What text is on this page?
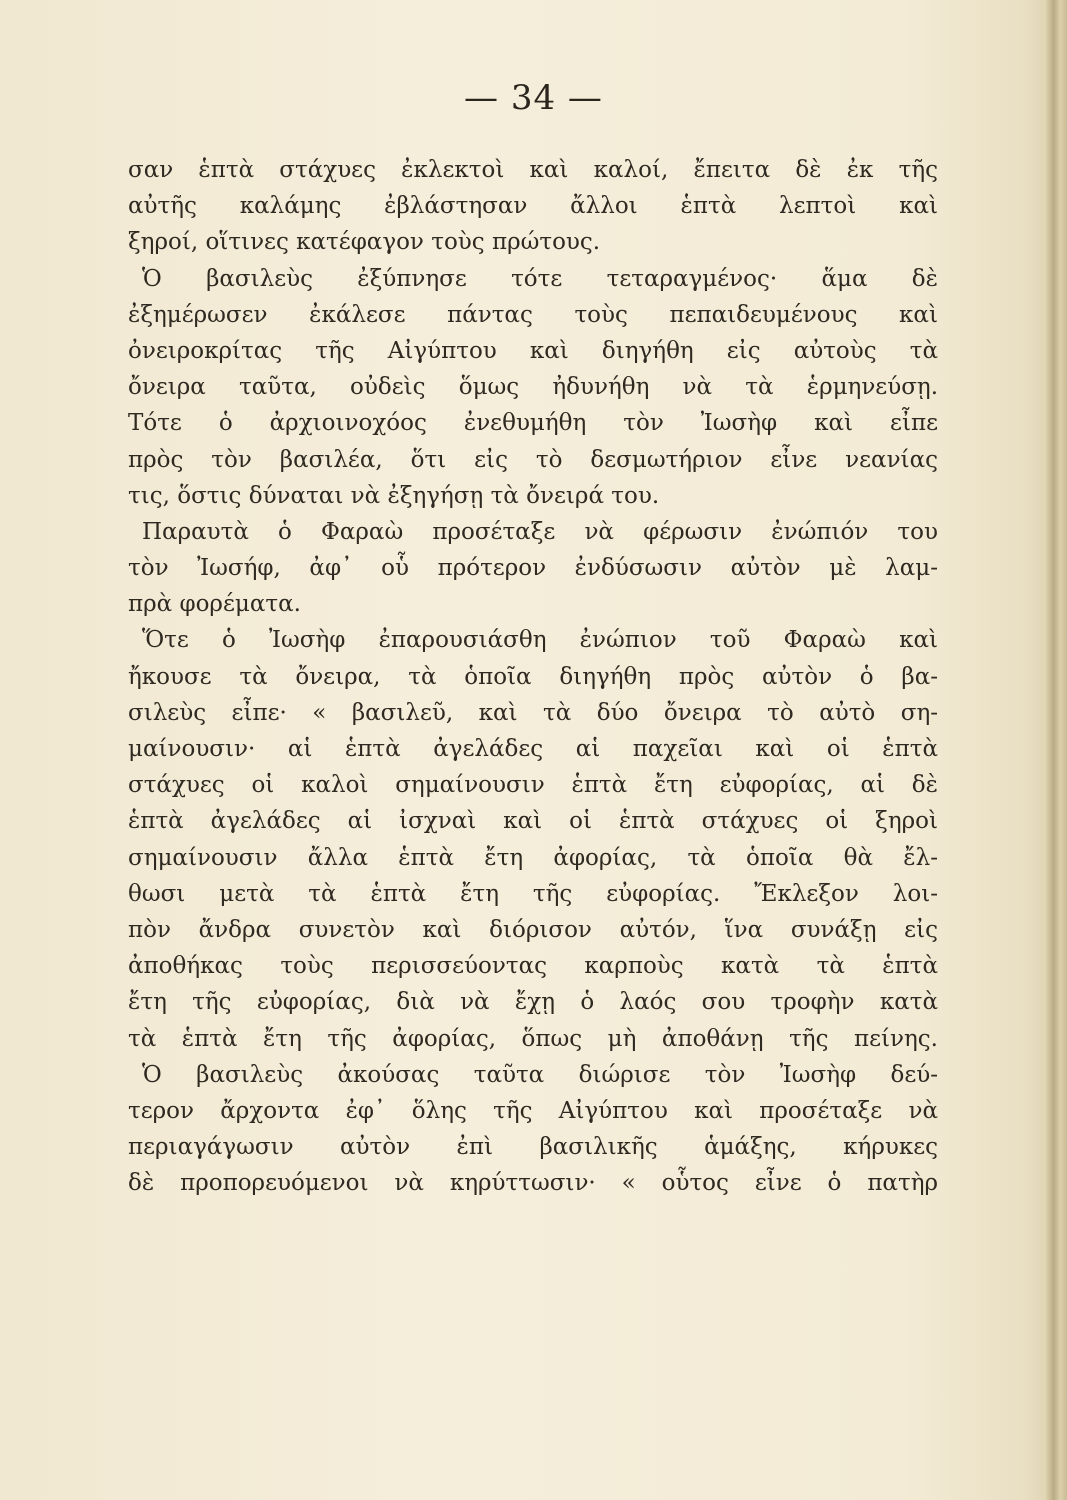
— 34 —
σαν ἑπτὰ στάχυες ἐκλεκτοὶ καὶ καλοί, ἔπειτα δὲ ἐκ τῆς
αὐτῆς καλάμης ἐβλάστησαν ἄλλοι ἑπτὰ λεπτοὶ καὶ
ξηροί, οἵτινες κατέφαγον τοὺς πρώτους.
Ὁ βασιλεὺς ἐξύπνησε τότε τεταραγμένος· ἅμα δὲ
ἐξημέρωσεν ἐκάλεσε πάντας τοὺς πεπαιδευμένους καὶ
ὀνειροκρίτας τῆς Αἰγύπτου καὶ διηγήθη εἰς αὐτοὺς τὰ
ὄνειρα ταῦτα, οὐδεὶς ὅμως ἠδυνήθη νὰ τὰ ἑρμηνεύσῃ.
Τότε ὁ ἀρχιοινοχόος ἐνεθυμήθη τὸν Ἰωσὴφ καὶ εἶπε
πρὸς τὸν βασιλέα, ὅτι εἰς τὸ δεσμωτήριον εἶνε νεανίας
τις, ὅστις δύναται νὰ ἐξηγήσῃ τὰ ὄνειρά του.
Παραυτὰ ὁ Φαραὼ προσέταξε νὰ φέρωσιν ἐνώπιόν του
τὸν Ἰωσήφ, ἀφ᾽ οὗ πρότερον ἐνδύσωσιν αὐτὸν μὲ λαμ-
πρὰ φορέματα.
Ὅτε ὁ Ἰωσὴφ ἐπαρουσιάσθη ἐνώπιον τοῦ Φαραὼ καὶ
ἤκουσε τὰ ὄνειρα, τὰ ὁποῖα διηγήθη πρὸς αὐτὸν ὁ βα-
σιλεὺς εἶπε· « βασιλεῦ, καὶ τὰ δύο ὄνειρα τὸ αὐτὸ ση-
μαίνουσιν· αἱ ἑπτὰ ἀγελάδες αἱ παχεῖαι καὶ οἱ ἑπτὰ
στάχυες οἱ καλοὶ σημαίνουσιν ἑπτὰ ἔτη εὐφορίας, αἱ δὲ
ἑπτὰ ἀγελάδες αἱ ἰσχναὶ καὶ οἱ ἑπτὰ στάχυες οἱ ξηροὶ
σημαίνουσιν ἄλλα ἑπτὰ ἔτη ἀφορίας, τὰ ὁποῖα θὰ ἔλ-
θωσι μετὰ τὰ ἑπτὰ ἔτη τῆς εὐφορίας. Ἔκλεξον λοι-
πὸν ἄνδρα συνετὸν καὶ διόρισον αὐτόν, ἵνα συνάξῃ εἰς
ἀποθήκας τοὺς περισσεύοντας καρποὺς κατὰ τὰ ἑπτὰ
ἔτη τῆς εὐφορίας, διὰ νὰ ἔχῃ ὁ λαός σου τροφὴν κατὰ
τὰ ἑπτὰ ἔτη τῆς ἀφορίας, ὅπως μὴ ἀποθάνῃ τῆς πείνης.
Ὁ βασιλεὺς ἀκούσας ταῦτα διώρισε τὸν Ἰωσὴφ δεύ-
τερον ἄρχοντα ἐφ᾽ ὅλης τῆς Αἰγύπτου καὶ προσέταξε νὰ
περιαγάγωσιν αὐτὸν ἐπὶ βασιλικῆς ἁμάξης, κήρυκες
δὲ προπορευόμενοι νὰ κηρύττωσιν· « οὗτος εἶνε ὁ πατὴρ
